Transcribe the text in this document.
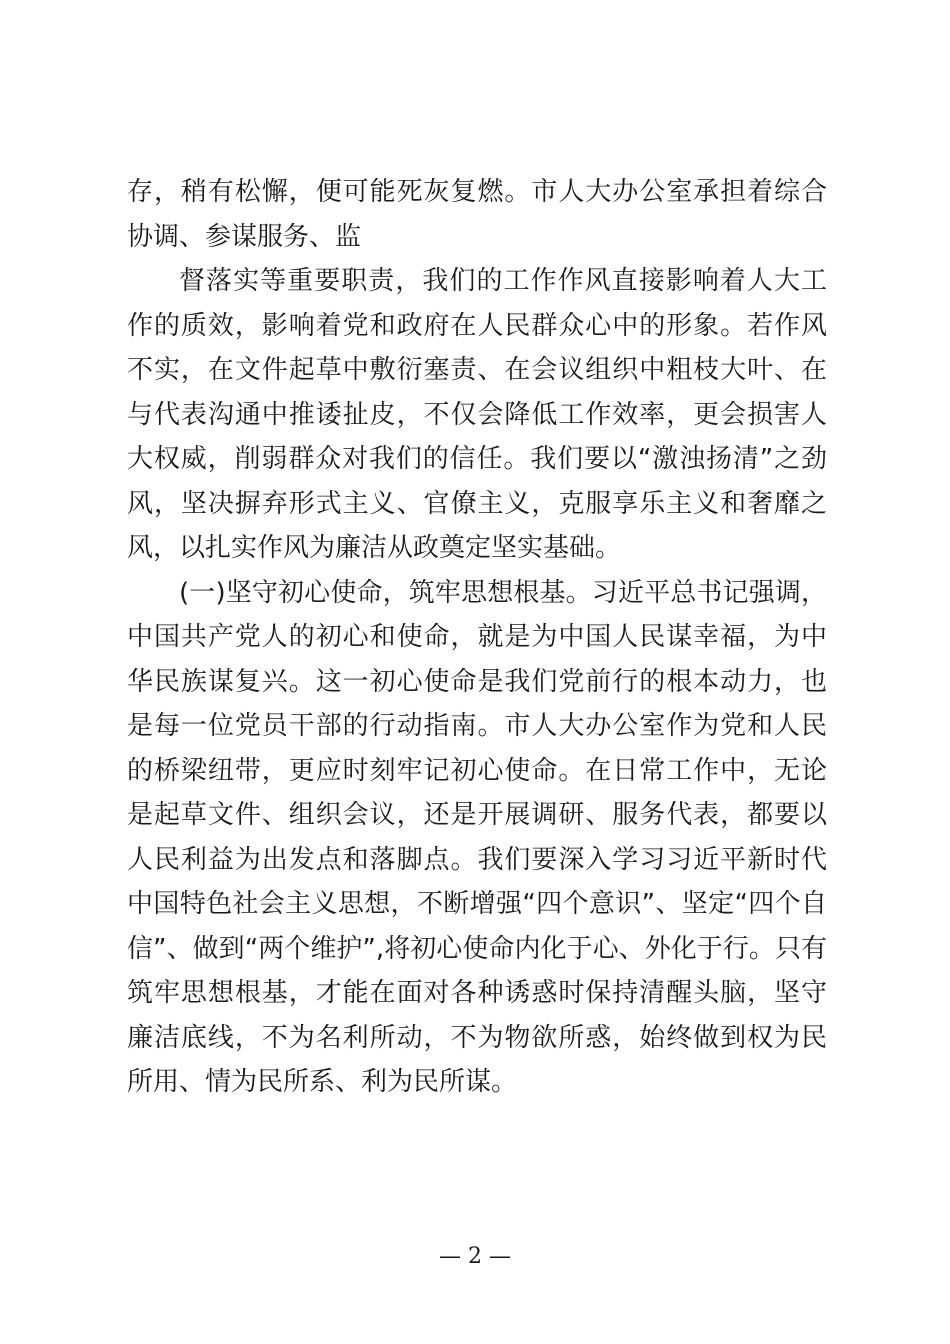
存，稍有松懈，便可能死灰复燃。市人大办公室承担着综合协调、参谋服务、监

督落实等重要职责，我们的工作作风直接影响着人大工作的质效，影响着党和政府在人民群众心中的形象。若作风不实，在文件起草中敷衍塞责、在会议组织中粗枝大叶、在与代表沟通中推诿扯皮，不仅会降低工作效率，更会损害人大权威，削弱群众对我们的信任。我们要以“激浊扬清”之劲风，坚决摒弃形式主义、官僚主义，克服享乐主义和奢靡之风，以扎实作风为廉洁从政奠定坚实基础。

(一)坚守初心使命，筑牢思想根基。习近平总书记强调，中国共产党人的初心和使命，就是为中国人民谋幸福，为中华民族谋复兴。这一初心使命是我们党前行的根本动力，也是每一位党员干部的行动指南。市人大办公室作为党和人民的桥梁纽带，更应时刻牢记初心使命。在日常工作中，无论是起草文件、组织会议，还是开展调研、服务代表，都要以人民利益为出发点和落脚点。我们要深入学习习近平新时代中国特色社会主义思想，不断增强“四个意识”、坚定“四个自信”、做到“两个维护”,将初心使命内化于心、外化于行。只有筑牢思想根基，才能在面对各种诱惑时保持清醒头脑，坚守廉洁底线，不为名利所动，不为物欲所惑，始终做到权为民所用、情为民所系、利为民所谋。

— 2 —
